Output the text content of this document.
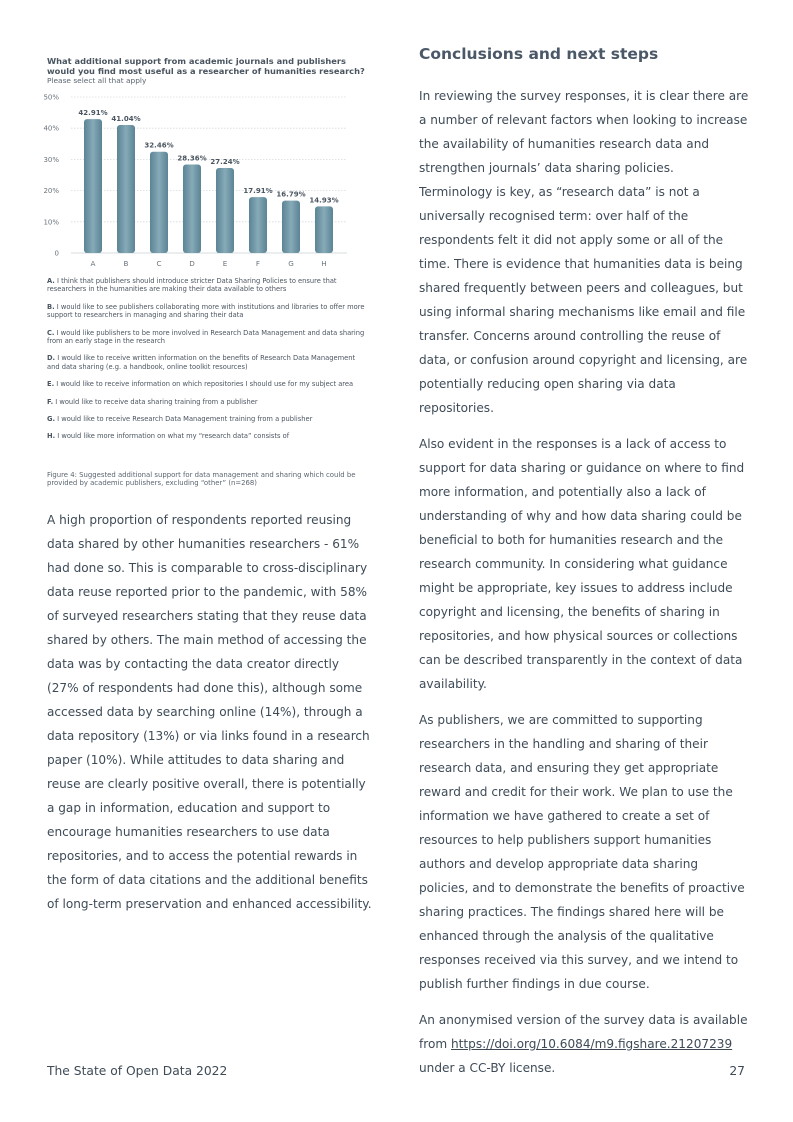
What additional support from academic journals and publishers would you find most useful as a researcher of humanities research?

Please select all that apply

0
10%
20%
30%
40%
50%
42.91%
A
41.04%
B
32.46%
C
28.36%
D
27.24%
E
17.91%
F
16.79%
G
14.93%
H

A. I think that publishers should introduce stricter Data Sharing Policies to ensure that researchers in the humanities are making their data available to others

B. I would like to see publishers collaborating more with institutions and libraries to offer more support to researchers in managing and sharing their data

C. I would like publishers to be more involved in Research Data Management and data sharing from an early stage in the research

D. I would like to receive written information on the benefits of Research Data Management and data sharing (e.g. a handbook, online toolkit resources)

E. I would like to receive information on which repositories I should use for my subject area

F. I would like to receive data sharing training from a publisher

G. I would like to receive Research Data Management training from a publisher

H. I would like more information on what my “research data” consists of

Figure 4: Suggested additional support for data management and sharing which could be provided by academic publishers, excluding “other” (n=268)

A high proportion of respondents reported reusing data shared by other humanities researchers - 61% had done so. This is comparable to cross-disciplinary data reuse reported prior to the pandemic, with 58% of surveyed researchers stating that they reuse data shared by others. The main method of accessing the data was by contacting the data creator directly (27% of respondents had done this), although some accessed data by searching online (14%), through a data repository (13%) or via links found in a research paper (10%). While attitudes to data sharing and reuse are clearly positive overall, there is potentially a gap in information, education and support to encourage humanities researchers to use data repositories, and to access the potential rewards in the form of data citations and the additional benefits of long-term preservation and enhanced accessibility.

Conclusions and next steps

In reviewing the survey responses, it is clear there are a number of relevant factors when looking to increase the availability of humanities research data and strengthen journals’ data sharing policies. Terminology is key, as “research data” is not a universally recognised term: over half of the respondents felt it did not apply some or all of the time. There is evidence that humanities data is being shared frequently between peers and colleagues, but using informal sharing mechanisms like email and file transfer. Concerns around controlling the reuse of data, or confusion around copyright and licensing, are potentially reducing open sharing via data repositories.

Also evident in the responses is a lack of access to support for data sharing or guidance on where to find more information, and potentially also a lack of understanding of why and how data sharing could be beneficial to both for humanities research and the research community. In considering what guidance might be appropriate, key issues to address include copyright and licensing, the benefits of sharing in repositories, and how physical sources or collections can be described transparently in the context of data availability.

As publishers, we are committed to supporting researchers in the handling and sharing of their research data, and ensuring they get appropriate reward and credit for their work. We plan to use the information we have gathered to create a set of resources to help publishers support humanities authors and develop appropriate data sharing policies, and to demonstrate the benefits of proactive sharing practices. The findings shared here will be enhanced through the analysis of the qualitative responses received via this survey, and we intend to publish further findings in due course.

An anonymised version of the survey data is available from https://doi.org/10.6084/m9.figshare.21207239 under a CC-BY license.

The State of Open Data 2022	27
